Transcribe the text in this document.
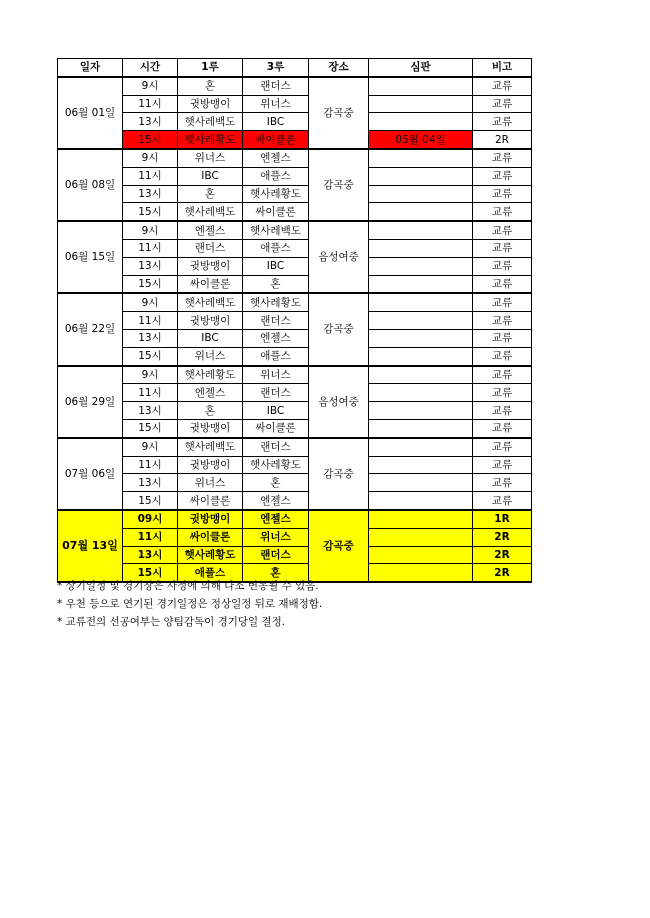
일자	시간	1루	3루	장소	심판	비고
06월 01일	9시	혼	랜더스	감곡중		교류
	11시	귓방맹이	위너스			교류
	13시	햇사레백도	IBC			교류
	15시	햇사레황도	싸이클론		05월 04일	2R
06월 08일	9시	위너스	엔젤스	감곡중		교류
	11시	IBC	애플스			교류
	13시	혼	햇사레황도			교류
	15시	햇사레백도	싸이클론			교류
06월 15일	9시	엔젤스	햇사레백도	음성여중		교류
	11시	랜더스	애플스			교류
	13시	귓방맹이	IBC			교류
	15시	싸이클론	혼			교류
06월 22일	9시	햇사레백도	햇사레황도	감곡중		교류
	11시	귓방맹이	랜더스			교류
	13시	IBC	엔젤스			교류
	15시	위너스	애플스			교류
06월 29일	9시	햇사레황도	위너스	음성여중		교류
	11시	엔젤스	랜더스			교류
	13시	혼	IBC			교류
	15시	귓방맹이	싸이클론			교류
07월 06일	9시	햇사레백도	랜더스	감곡중		교류
	11시	귓방맹이	햇사레황도			교류
	13시	위너스	혼			교류
	15시	싸이클론	엔젤스			교류
07월 13일	09시	귓방맹이	엔젤스	감곡중		1R
	11시	싸이클론	위너스			2R
	13시	햇사레황도	랜더스			2R
	15시	애플스	혼			2R
* 상기일정 및 경기장은 사정에 의해 다소 변동될 수 있음.
* 우천 등으로 연기된 경기일정은 정상일정 뒤로 재배정함.
* 교류전의 선공여부는 양팀감독이 경기당일 결정.
